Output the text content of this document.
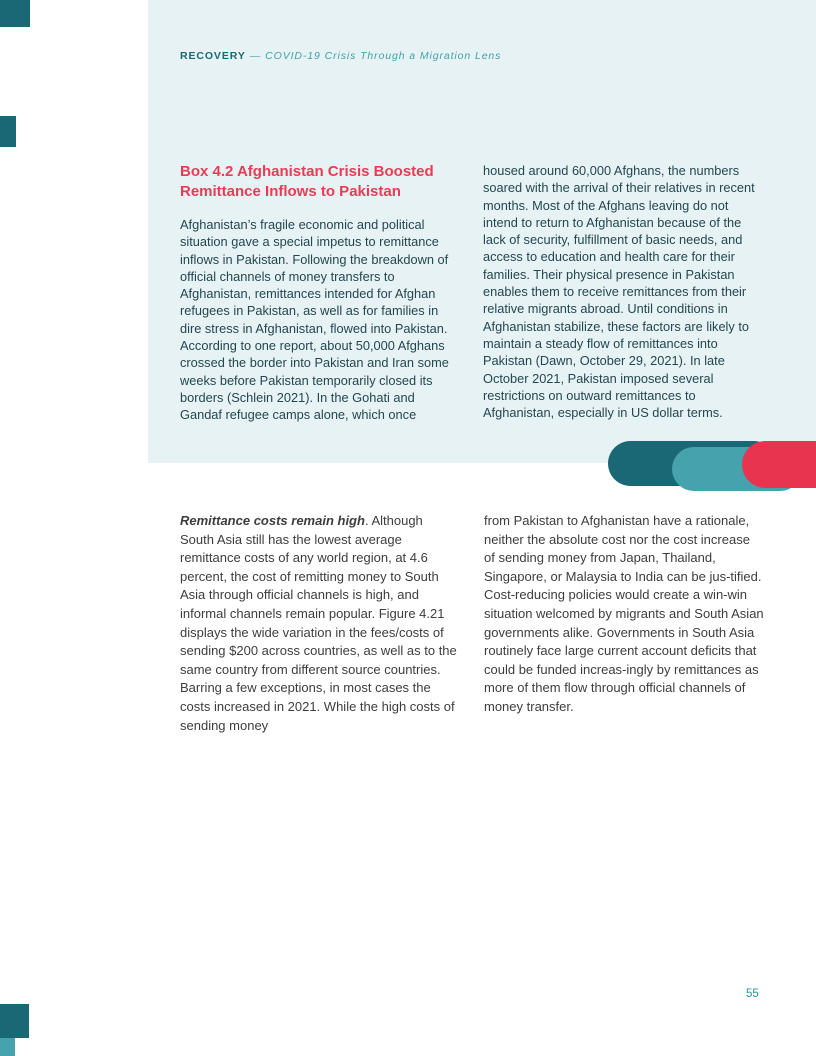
RECOVERY — COVID-19 Crisis Through a Migration Lens
Box 4.2 Afghanistan Crisis Boosted Remittance Inflows to Pakistan
Afghanistan’s fragile economic and political situation gave a special impetus to remittance inflows in Pakistan. Following the breakdown of official channels of money transfers to Afghanistan, remittances intended for Afghan refugees in Pakistan, as well as for families in dire stress in Afghanistan, flowed into Pakistan. According to one report, about 50,000 Afghans crossed the border into Pakistan and Iran some weeks before Pakistan temporarily closed its borders (Schlein 2021). In the Gohati and Gandaf refugee camps alone, which once
housed around 60,000 Afghans, the numbers soared with the arrival of their relatives in recent months. Most of the Afghans leaving do not intend to return to Afghanistan because of the lack of security, fulfillment of basic needs, and access to education and health care for their families. Their physical presence in Pakistan enables them to receive remittances from their relative migrants abroad. Until conditions in Afghanistan stabilize, these factors are likely to maintain a steady flow of remittances into Pakistan (Dawn, October 29, 2021). In late October 2021, Pakistan imposed several restrictions on outward remittances to Afghanistan, especially in US dollar terms.
Remittance costs remain high. Although South Asia still has the lowest average remittance costs of any world region, at 4.6 percent, the cost of remitting money to South Asia through official channels is high, and informal channels remain popular. Figure 4.21 displays the wide variation in the fees/costs of sending $200 across countries, as well as to the same country from different source countries. Barring a few exceptions, in most cases the costs increased in 2021. While the high costs of sending money
from Pakistan to Afghanistan have a rationale, neither the absolute cost nor the cost increase of sending money from Japan, Thailand, Singapore, or Malaysia to India can be jus-tified. Cost-reducing policies would create a win-win situation welcomed by migrants and South Asian governments alike. Governments in South Asia routinely face large current account deficits that could be funded increas-ingly by remittances as more of them flow through official channels of money transfer.
55
